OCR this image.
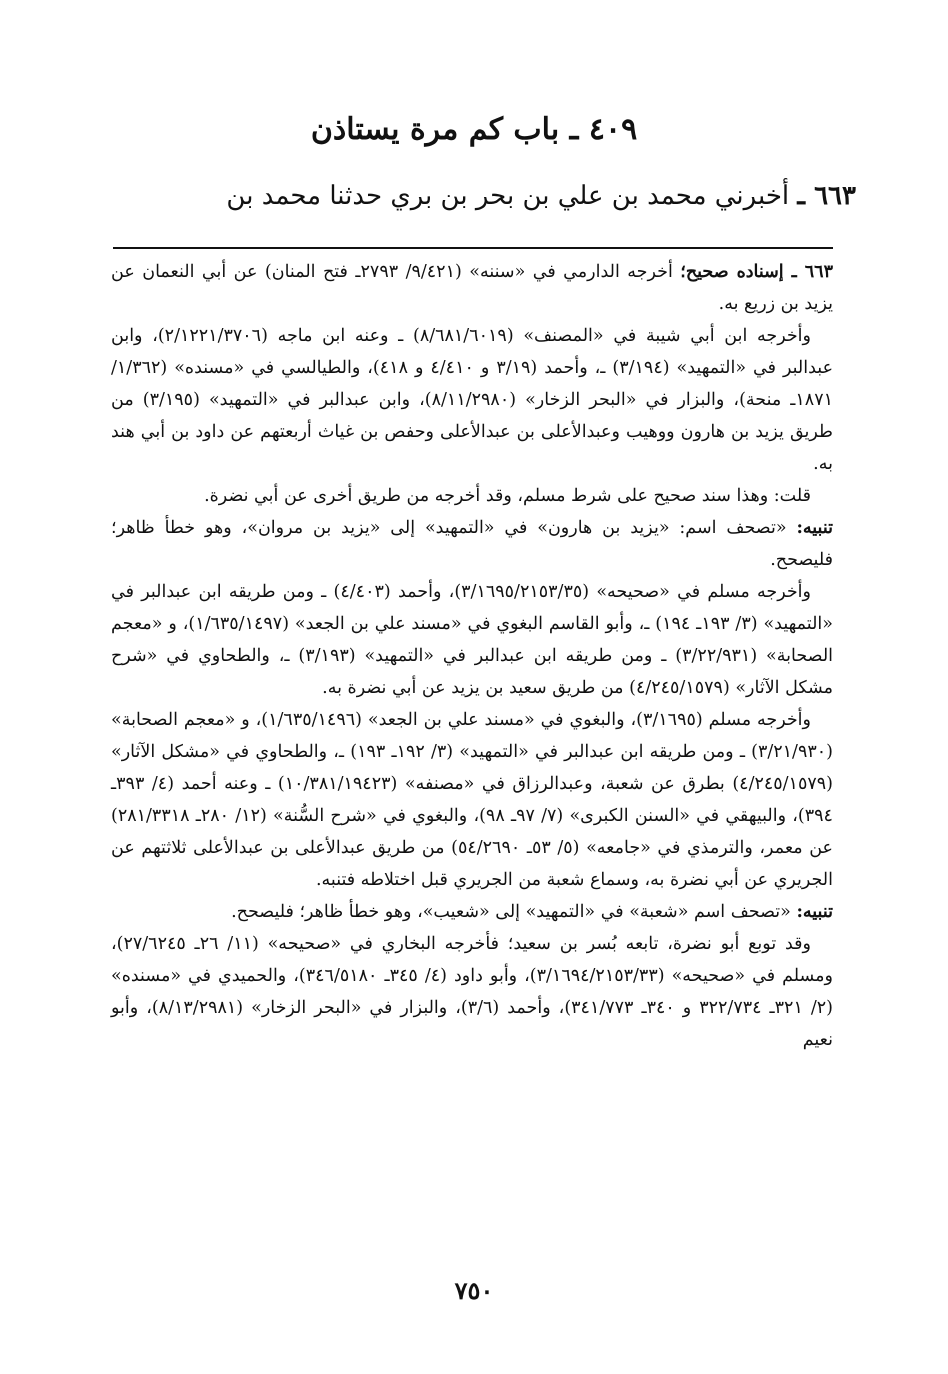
٤٠٩ ـ باب كم مرة يستاذن
٦٦٣ ـ أخبرني محمد بن علي بن بحر بن بري حدثنا محمد بن

٦٦٣ ـ إسناده صحيح؛ أخرجه الدارمي في «سننه» (٩/٤٢١/ ٢٧٩٣ـ فتح المنان) عن أبي النعمان عن يزيد بن زريع به.

وأخرجه ابن أبي شيبة في «المصنف» (٨/٦٨١/٦٠١٩) ـ وعنه ابن ماجه (٢/١٢٢١/٣٧٠٦)، وابن عبدالبر في «التمهيد» (٣/١٩٤) ـ، وأحمد (٣/١٩ و ٤/٤١٠ و ٤١٨)، والطيالسي في «مسنده» (١/٣٦٢/ ١٨٧١ـ منحة)، والبزار في «البحر الزخار» (٨/١١/٢٩٨٠)، وابن عبدالبر في «التمهيد» (٣/١٩٥) من طريق يزيد بن هارون ووهيب وعبدالأعلى بن عبدالأعلى وحفص بن غياث أربعتهم عن داود بن أبي هند به.

قلت: وهذا سند صحيح على شرط مسلم، وقد أخرجه من طريق أخرى عن أبي نضرة.

تنبيه: «تصحف اسم: «يزيد بن هارون» في «التمهيد» إلى «يزيد بن مروان»، وهو خطأ ظاهر؛ فليصحح.

وأخرجه مسلم في «صحيحه» (٣/١٦٩٥/٢١٥٣/٣٥)، وأحمد (٤/٤٠٣) ـ ومن طريقه ابن عبدالبر في «التمهيد» (٣/ ١٩٣ـ ١٩٤) ـ، وأبو القاسم البغوي في «مسند علي بن الجعد» (١/٦٣٥/١٤٩٧)، و «معجم الصحابة» (٣/٢٢/٩٣١) ـ ومن طريقه ابن عبدالبر في «التمهيد» (٣/١٩٣) ـ، والطحاوي في «شرح مشكل الآثار» (٤/٢٤٥/١٥٧٩) من طريق سعيد بن يزيد عن أبي نضرة به.

وأخرجه مسلم (٣/١٦٩٥)، والبغوي في «مسند علي بن الجعد» (١/٦٣٥/١٤٩٦)، و «معجم الصحابة» (٣/٢١/٩٣٠) ـ ومن طريقه ابن عبدالبر في «التمهيد» (٣/ ١٩٢ـ ١٩٣) ـ، والطحاوي في «مشكل الآثار» (٤/٢٤٥/١٥٧٩) بطرق عن شعبة، وعبدالرزاق في «مصنفه» (١٠/٣٨١/١٩٤٢٣) ـ وعنه أحمد (٤/ ٣٩٣ـ ٣٩٤)، والبيهقي في «السنن الكبرى» (٧/ ٩٧ـ ٩٨)، والبغوي في «شرح السُّنة» (١٢/ ٢٨٠ـ ٢٨١/٣٣١٨) عن معمر، والترمذي في «جامعه» (٥/ ٥٣ـ ٥٤/٢٦٩٠) من طريق عبدالأعلى بن عبدالأعلى ثلاثتهم عن الجريري عن أبي نضرة به، وسماع شعبة من الجريري قبل اختلاطه فتنبه.

تنبيه: «تصحف اسم «شعبة» في «التمهيد» إلى «شعيب»، وهو خطأ ظاهر؛ فليصحح.

وقد توبع أبو نضرة، تابعه بُسر بن سعيد؛ فأخرجه البخاري في «صحيحه» (١١/ ٢٦ـ ٢٧/٦٢٤٥)، ومسلم في «صحيحه» (٣/١٦٩٤/٢١٥٣/٣٣)، وأبو داود (٤/ ٣٤٥ـ ٣٤٦/٥١٨٠)، والحميدي في «مسنده» (٢/ ٣٢١ـ ٣٢٢/٧٣٤ و ٣٤٠ـ ٣٤١/٧٧٣)، وأحمد (٣/٦)، والبزار في «البحر الزخار» (٨/١٣/٢٩٨١)، وأبو نعيم

٧٥٠
